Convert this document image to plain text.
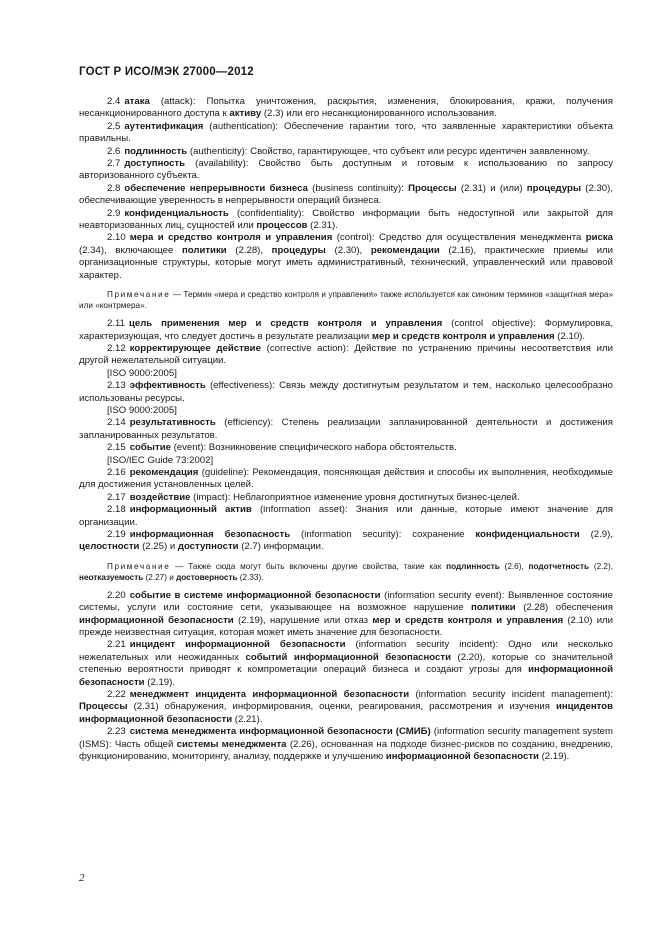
ГОСТ Р ИСО/МЭК 27000—2012

2.4 атака (attack): Попытка уничтожения, раскрытия, изменения, блокирования, кражи, получения несанкционированного доступа к активу (2.3) или его несанкционированного использования.

2.5 аутентификация (authentication): Обеспечение гарантии того, что заявленные характеристики объекта правильны.

2.6 подлинность (authenticity): Свойство, гарантирующее, что субъект или ресурс идентичен заявленному.

2.7 доступность (availability): Свойство быть доступным и готовым к использованию по запросу авторизованного субъекта.

2.8 обеспечение непрерывности бизнеса (business continuity): Процессы (2.31) и (или) процедуры (2.30), обеспечивающие уверенность в непрерывности операций бизнеса.

2.9 конфиденциальность (confidentiality): Свойство информации быть недоступной или закрытой для неавторизованных лиц, сущностей или процессов (2.31).

2.10 мера и средство контроля и управления (control): Средство для осуществления менеджмента риска (2.34), включающее политики (2.28), процедуры (2.30), рекомендации (2.16), практические приемы или организационные структуры, которые могут иметь административный, технический, управленческий или правовой характер.

Примечание — Термин «мера и средство контроля и управления» также используется как синоним терминов «защитная мера» или «контрмера».

2.11 цель применения мер и средств контроля и управления (control objective): Формулировка, характеризующая, что следует достичь в результате реализации мер и средств контроля и управления (2.10).

2.12 корректирующее действие (corrective action): Действие по устранению причины несоответствия или другой нежелательной ситуации.

[ISO 9000:2005]

2.13 эффективность (effectiveness): Связь между достигнутым результатом и тем, насколько целесообразно использованы ресурсы.

[ISO 9000:2005]

2.14 результативность (efficiency): Степень реализации запланированной деятельности и достижения запланированных результатов.

2.15 событие (event): Возникновение специфического набора обстоятельств.

[ISO/IEC Guide 73:2002]

2.16 рекомендация (guideline): Рекомендация, поясняющая действия и способы их выполнения, необходимые для достижения установленных целей.

2.17 воздействие (impact): Неблагоприятное изменение уровня достигнутых бизнес-целей.

2.18 информационный актив (information asset): Знания или данные, которые имеют значение для организации.

2.19 информационная безопасность (information security): сохранение конфиденциальности (2.9), целостности (2.25) и доступности (2.7) информации.

Примечание — Также сюда могут быть включены другие свойства, такие как подлинность (2.6), подотчетность (2.2), неотказуемость (2.27) и достоверность (2.33).

2.20 событие в системе информационной безопасности (information security event): Выявленное состояние системы, услуги или состояние сети, указывающее на возможное нарушение политики (2.28) обеспечения информационной безопасности (2.19), нарушение или отказ мер и средств контроля и управления (2.10) или прежде неизвестная ситуация, которая может иметь значение для безопасности.

2.21 инцидент информационной безопасности (information security incident): Одно или несколько нежелательных или неожиданных событий информационной безопасности (2.20), которые со значительной степенью вероятности приводят к компрометации операций бизнеса и создают угрозы для информационной безопасности (2.19).

2.22 менеджмент инцидента информационной безопасности (information security incident management): Процессы (2.31) обнаружения, информирования, оценки, реагирования, рассмотрения и изучения инцидентов информационной безопасности (2.21).

2.23 система менеджмента информационной безопасности (СМИБ) (information security management system (ISMS): Часть общей системы менеджмента (2.26), основанная на подходе бизнес-рисков по созданию, внедрению, функционированию, мониторингу, анализу, поддержке и улучшению информационной безопасности (2.19).

2
